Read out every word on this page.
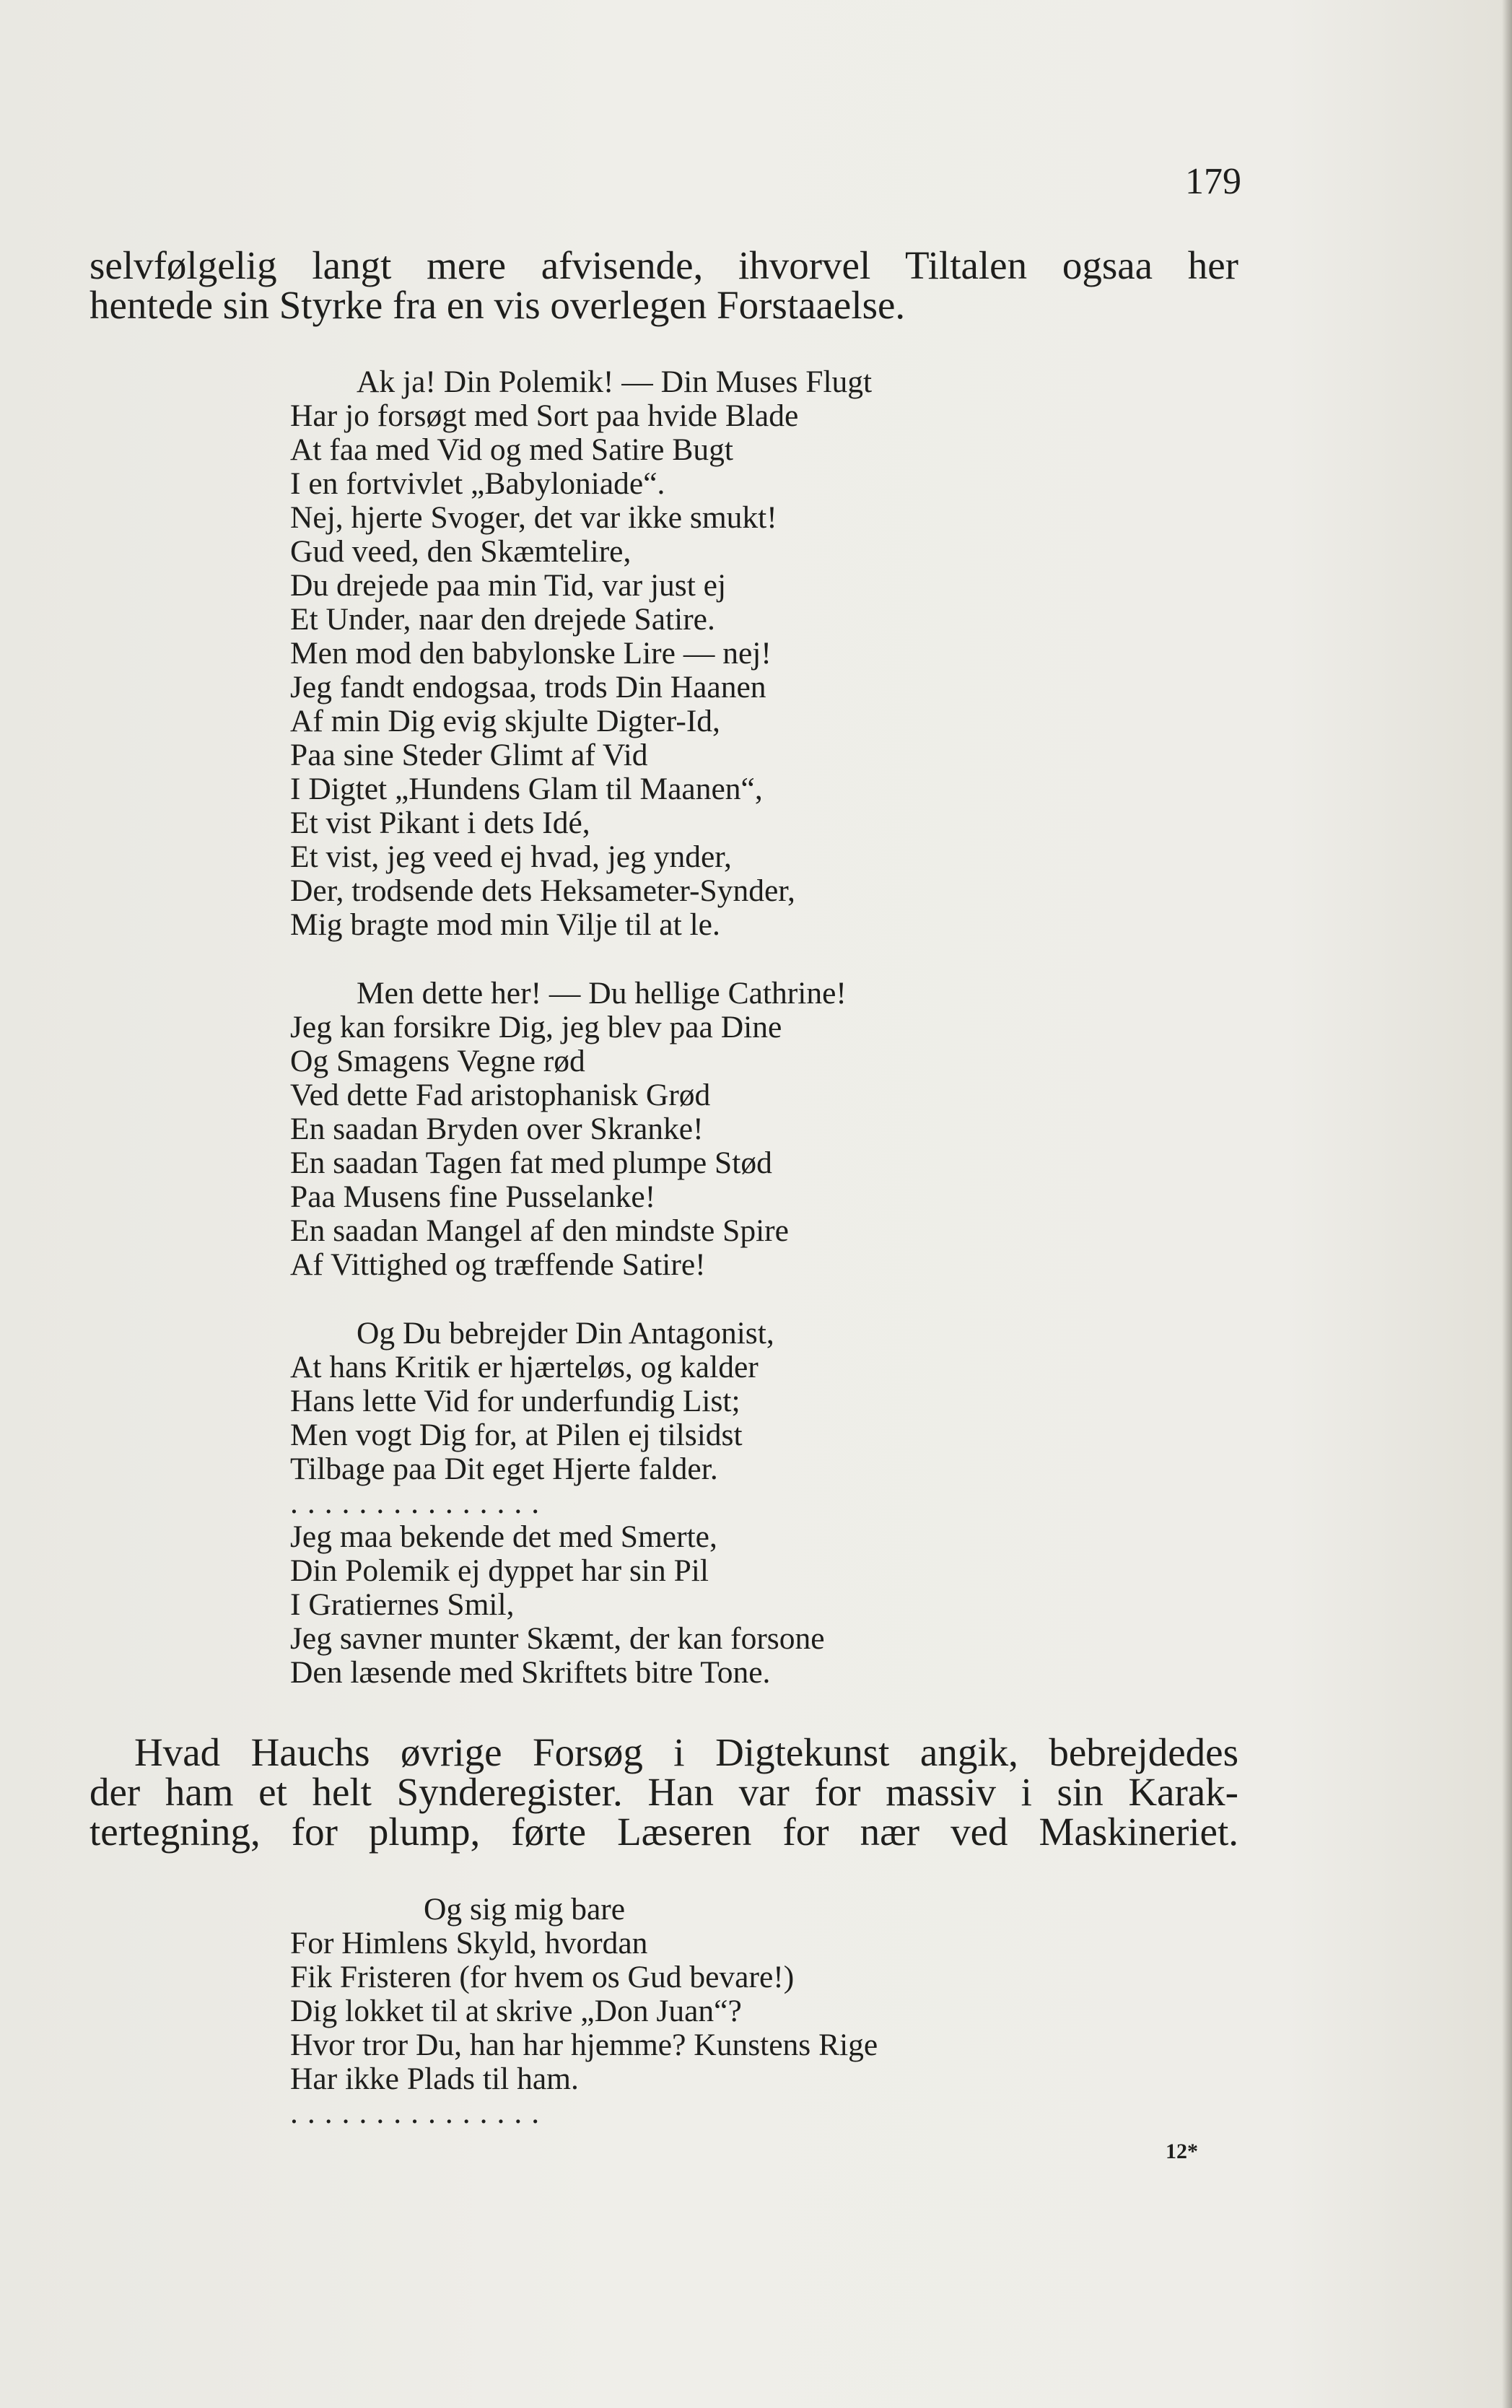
179

selvfølgelig langt mere afvisende, ihvorvel Tiltalen ogsaa her

hentede sin Styrke fra en vis overlegen Forstaaelse.

Ak ja! Din Polemik! — Din Muses Flugt
Har jo forsøgt med Sort paa hvide Blade
At faa med Vid og med Satire Bugt
I en fortvivlet „Babyloniade“.
Nej, hjerte Svoger, det var ikke smukt!
Gud veed, den Skæmtelire,
Du drejede paa min Tid, var just ej
Et Under, naar den drejede Satire.
Men mod den babylonske Lire — nej!
Jeg fandt endogsaa, trods Din Haanen
Af min Dig evig skjulte Digter-Id,
Paa sine Steder Glimt af Vid
I Digtet „Hundens Glam til Maanen“,
Et vist Pikant i dets Idé,
Et vist, jeg veed ej hvad, jeg ynder,
Der, trodsende dets Heksameter-Synder,
Mig bragte mod min Vilje til at le.
Men dette her! — Du hellige Cathrine!
Jeg kan forsikre Dig, jeg blev paa Dine
Og Smagens Vegne rød
Ved dette Fad aristophanisk Grød
En saadan Bryden over Skranke!
En saadan Tagen fat med plumpe Stød
Paa Musens fine Pusselanke!
En saadan Mangel af den mindste Spire
Af Vittighed og træffende Satire!
Og Du bebrejder Din Antagonist,
At hans Kritik er hjærteløs, og kalder
Hans lette Vid for underfundig List;
Men vogt Dig for, at Pilen ej tilsidst
Tilbage paa Dit eget Hjerte falder.
...............
Jeg maa bekende det med Smerte,
Din Polemik ej dyppet har sin Pil
I Gratiernes Smil,
Jeg savner munter Skæmt, der kan forsone
Den læsende med Skriftets bitre Tone.

Hvad Hauchs øvrige Forsøg i Digtekunst angik, bebrejdedes

der ham et helt Synderegister. Han var for massiv i sin Karak-

tertegning, for plump, førte Læseren for nær ved Maskineriet.

Og sig mig bare
For Himlens Skyld, hvordan
Fik Fristeren (for hvem os Gud bevare!)
Dig lokket til at skrive „Don Juan“?
Hvor tror Du, han har hjemme? Kunstens Rige
Har ikke Plads til ham.
...............
12*
